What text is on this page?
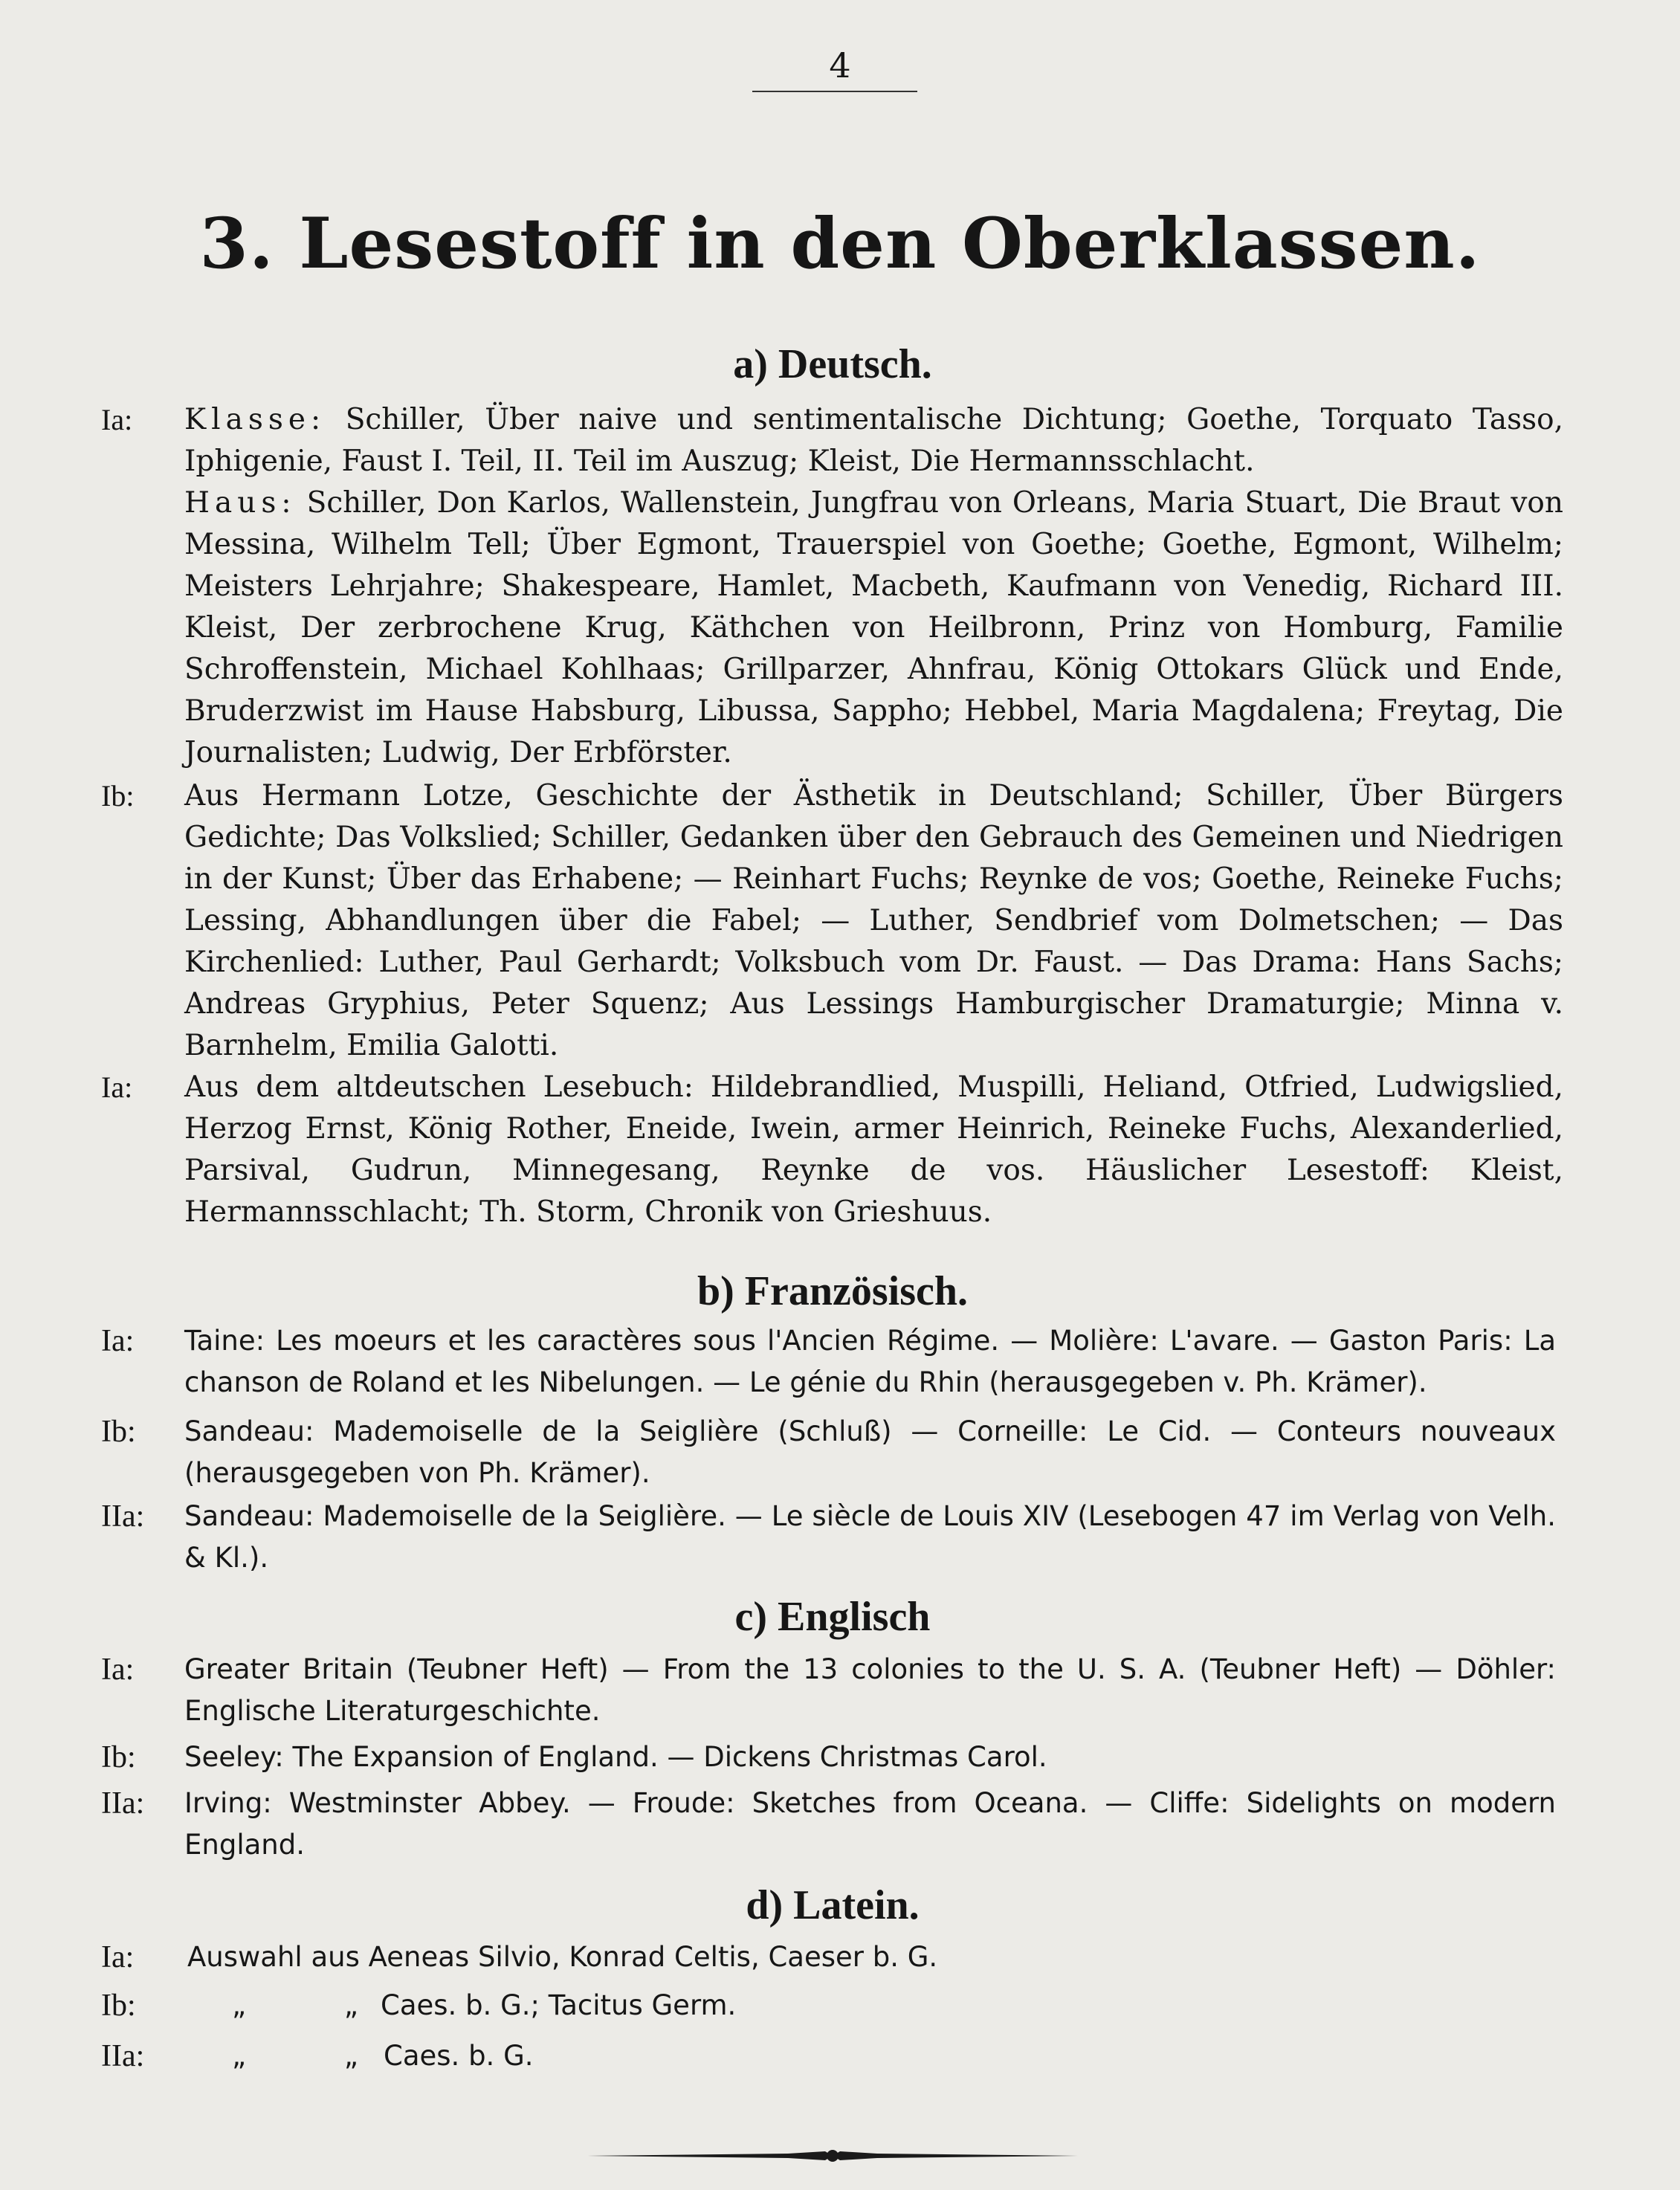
4
3. Lesestoff in den Oberklassen.
a) Deutsch.
Ia: Klasse: Schiller, Über naive und sentimentalische Dichtung; Goethe, Torquato Tasso, Iphigenie, Faust I. Teil, II. Teil im Auszug; Kleist, Die Hermannsschlacht.

Haus: Schiller, Don Karlos, Wallenstein, Jungfrau von Orleans, Maria Stuart, Die Braut von Messina, Wilhelm Tell; Über Egmont, Trauerspiel von Goethe; Goethe, Egmont, Wilhelm; Meisters Lehrjahre; Shakespeare, Hamlet, Macbeth, Kaufmann von Venedig, Richard III. Kleist, Der zerbrochene Krug, Käthchen von Heilbronn, Prinz von Homburg, Familie Schroffenstein, Michael Kohlhaas; Grillparzer, Ahnfrau, König Ottokars Glück und Ende, Bruderzwist im Hause Habsburg, Libussa, Sappho; Hebbel, Maria Magdalena; Freytag, Die Journalisten; Ludwig, Der Erbförster.

Ib: Aus Hermann Lotze, Geschichte der Ästhetik in Deutschland; Schiller, Über Bürgers Gedichte; Das Volkslied; Schiller, Gedanken über den Gebrauch des Gemeinen und Niedrigen in der Kunst; Über das Erhabene; — Reinhart Fuchs; Reynke de vos; Goethe, Reineke Fuchs; Lessing, Abhandlungen über die Fabel; — Luther, Sendbrief vom Dolmetschen; — Das Kirchenlied: Luther, Paul Gerhardt; Volksbuch vom Dr. Faust. — Das Drama: Hans Sachs; Andreas Gryphius, Peter Squenz; Aus Lessings Hamburgischer Dramaturgie; Minna v. Barnhelm, Emilia Galotti.

Ia: Aus dem altdeutschen Lesebuch: Hildebrandlied, Muspilli, Heliand, Otfried, Ludwigslied, Herzog Ernst, König Rother, Eneide, Iwein, armer Heinrich, Reineke Fuchs, Alexanderlied, Parsival, Gudrun, Minnegesang, Reynke de vos. Häuslicher Lesestoff: Kleist, Hermannsschlacht; Th. Storm, Chronik von Grieshuus.

b) Französisch.
Ia: Taine: Les moeurs et les caractères sous l'Ancien Régime. — Molière: L'avare. — Gaston Paris: La chanson de Roland et les Nibelungen. — Le génie du Rhin (herausgegeben v. Ph. Krämer).
Ib: Sandeau: Mademoiselle de la Seiglière (Schluß) — Corneille: Le Cid. — Conteurs nouveaux (herausgegeben von Ph. Krämer).
IIa: Sandeau: Mademoiselle de la Seiglière. — Le siècle de Louis XIV (Lesebogen 47 im Verlag von Velh. & Kl.).
c) Englisch
Ia: Greater Britain (Teubner Heft) — From the 13 colonies to the U. S. A. (Teubner Heft) — Döhler: Englische Literaturgeschichte.
Ib: Seeley: The Expansion of England. — Dickens Christmas Carol.
IIa: Irving: Westminster Abbey. — Froude: Sketches from Oceana. — Cliffe: Sidelights on modern England.
d) Latein.
Ia: Auswahl aus Aeneas Silvio, Konrad Celtis, Caeser b. G.
Ib:	„ „
Caes. b. G.; Tacitus Germ.
IIa:	„ „
Caes. b. G.
